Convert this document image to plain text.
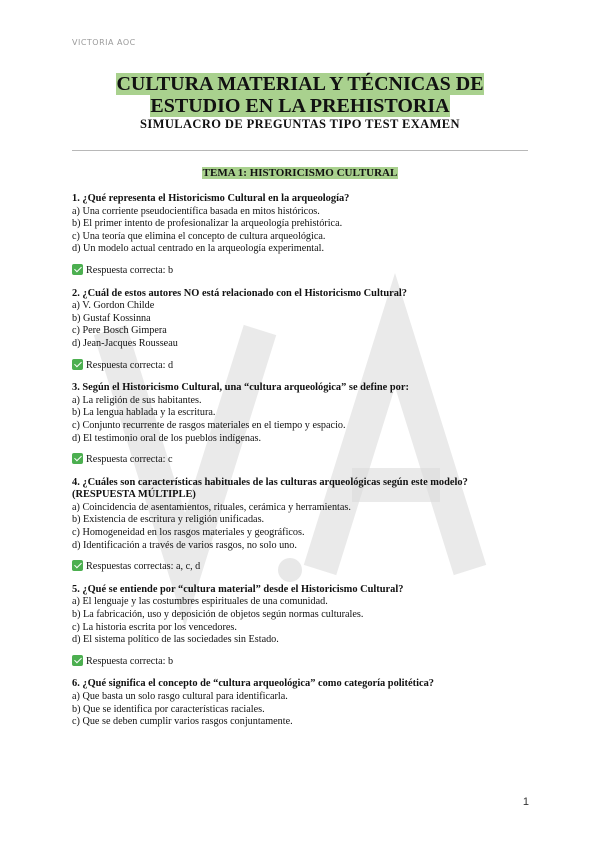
VICTORIA AOC
CULTURA MATERIAL Y TÉCNICAS DE ESTUDIO EN LA PREHISTORIA
SIMULACRO DE PREGUNTAS TIPO TEST EXAMEN
TEMA 1: HISTORICISMO CULTURAL
1. ¿Qué representa el Historicismo Cultural en la arqueología?
a) Una corriente pseudocientífica basada en mitos históricos.
b) El primer intento de profesionalizar la arqueología prehistórica.
c) Una teoría que elimina el concepto de cultura arqueológica.
d) Un modelo actual centrado en la arqueología experimental.
Respuesta correcta: b
2. ¿Cuál de estos autores NO está relacionado con el Historicismo Cultural?
a) V. Gordon Childe
b) Gustaf Kossinna
c) Pere Bosch Gimpera
d) Jean-Jacques Rousseau
Respuesta correcta: d
3. Según el Historicismo Cultural, una “cultura arqueológica” se define por:
a) La religión de sus habitantes.
b) La lengua hablada y la escritura.
c) Conjunto recurrente de rasgos materiales en el tiempo y espacio.
d) El testimonio oral de los pueblos indígenas.
Respuesta correcta: c
4. ¿Cuáles son características habituales de las culturas arqueológicas según este modelo? (RESPUESTA MÚLTIPLE)
a) Coincidencia de asentamientos, rituales, cerámica y herramientas.
b) Existencia de escritura y religión unificadas.
c) Homogeneidad en los rasgos materiales y geográficos.
d) Identificación a través de varios rasgos, no solo uno.
Respuestas correctas: a, c, d
5. ¿Qué se entiende por “cultura material” desde el Historicismo Cultural?
a) El lenguaje y las costumbres espirituales de una comunidad.
b) La fabricación, uso y deposición de objetos según normas culturales.
c) La historia escrita por los vencedores.
d) El sistema político de las sociedades sin Estado.
Respuesta correcta: b
6. ¿Qué significa el concepto de “cultura arqueológica” como categoría politética?
a) Que basta un solo rasgo cultural para identificarla.
b) Que se identifica por características raciales.
c) Que se deben cumplir varios rasgos conjuntamente.
1
